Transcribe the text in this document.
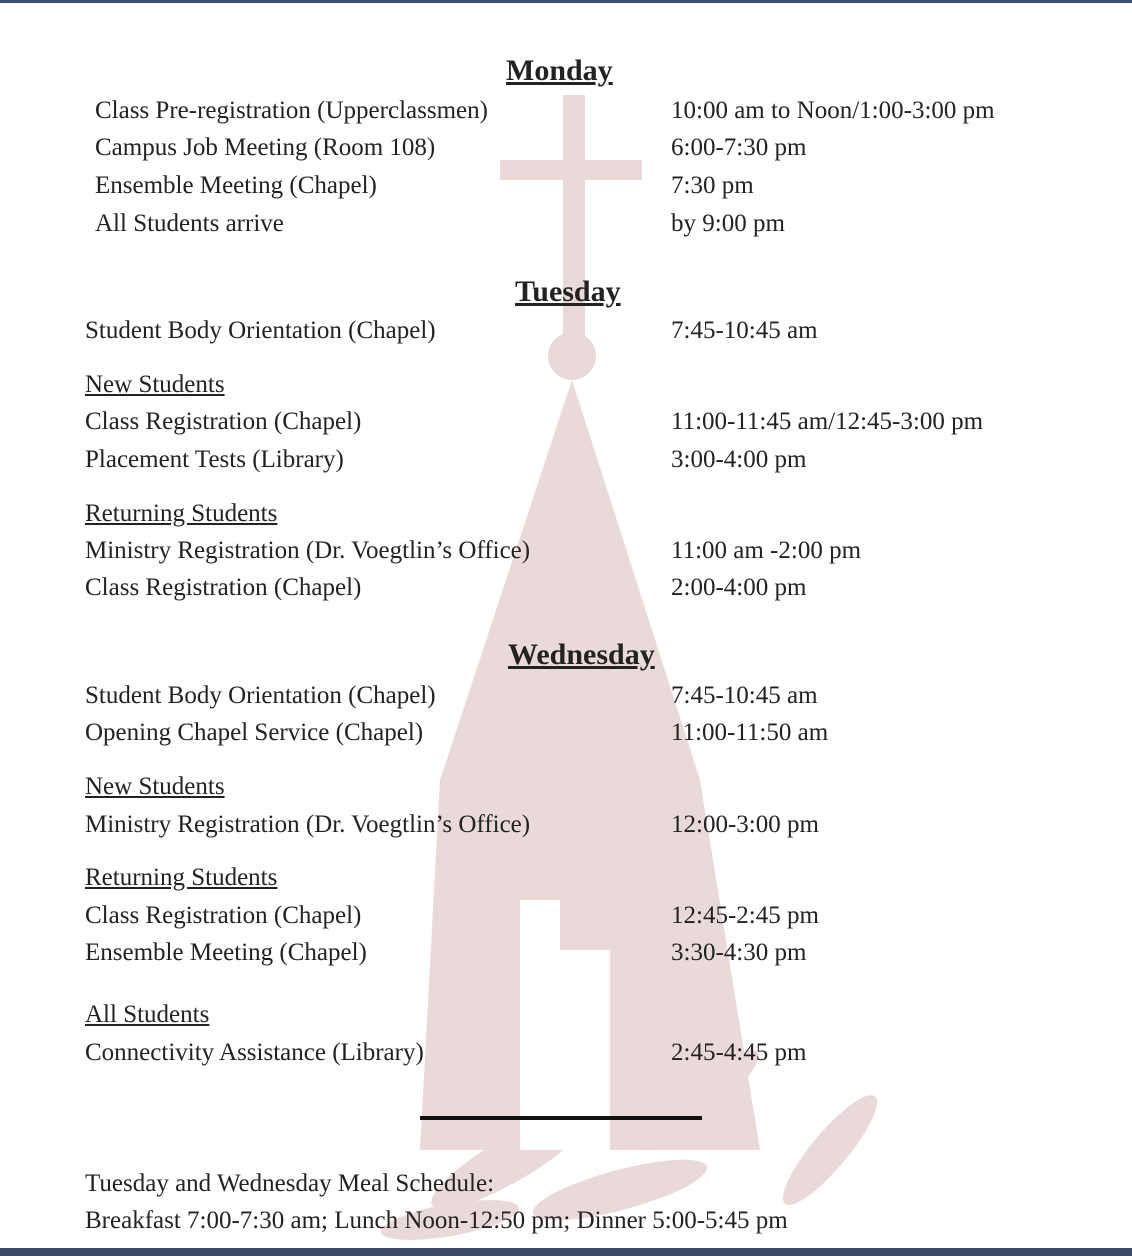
Monday
Class Pre-registration (Upperclassmen)	10:00 am to Noon/1:00-3:00 pm
Campus Job Meeting (Room 108)	6:00-7:30 pm
Ensemble Meeting (Chapel)	7:30 pm
All Students arrive	by 9:00 pm
Tuesday
Student Body Orientation (Chapel)	7:45-10:45 am
New Students
Class Registration (Chapel)	11:00-11:45 am/12:45-3:00 pm
Placement Tests (Library)	3:00-4:00 pm
Returning Students
Ministry Registration (Dr. Voegtlin’s Office)	11:00 am -2:00 pm
Class Registration (Chapel)	2:00-4:00 pm
Wednesday
Student Body Orientation (Chapel)	7:45-10:45 am
Opening Chapel Service (Chapel)	11:00-11:50 am
New Students
Ministry Registration (Dr. Voegtlin’s Office)	12:00-3:00 pm
Returning Students
Class Registration (Chapel)	12:45-2:45 pm
Ensemble Meeting (Chapel)	3:30-4:30 pm
All Students
Connectivity Assistance (Library)	2:45-4:45 pm
Tuesday and Wednesday Meal Schedule:
Breakfast 7:00-7:30 am; Lunch Noon-12:50 pm; Dinner 5:00-5:45 pm
